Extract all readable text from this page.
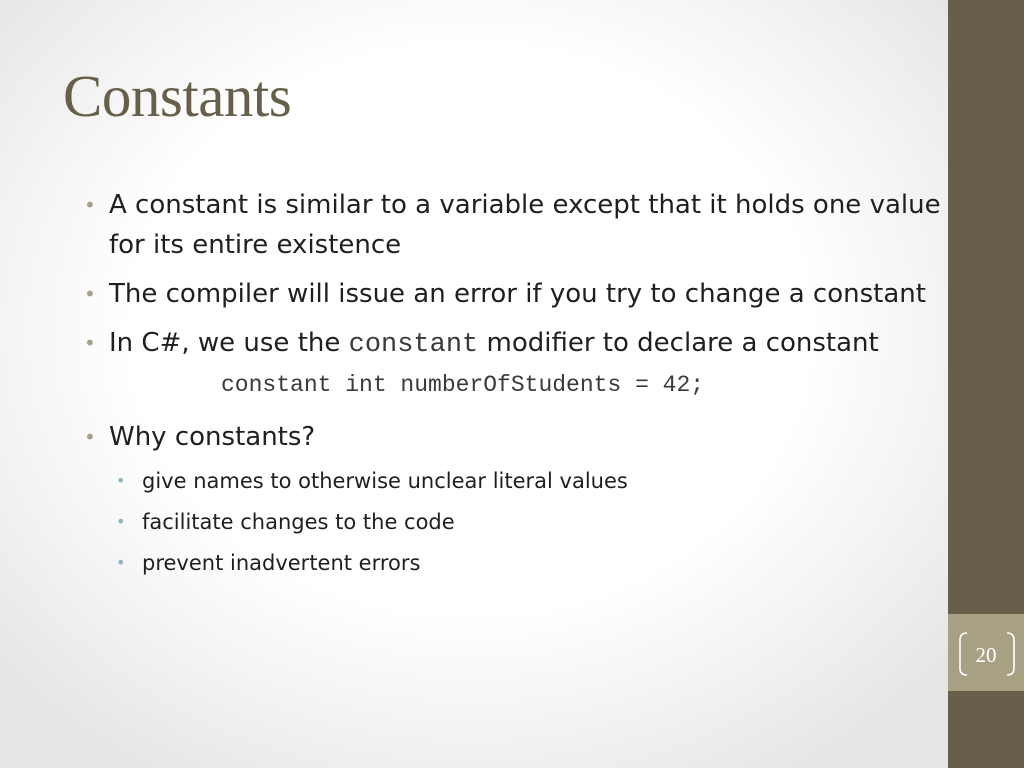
20
Constants
• A constant is similar to a variable except that it holds one value for its entire existence
• The compiler will issue an error if you try to change a constant
• In C#, we use the constant modifier to declare a constant
constant int numberOfStudents = 42;
• Why constants?
• give names to otherwise unclear literal values
• facilitate changes to the code
• prevent inadvertent errors
